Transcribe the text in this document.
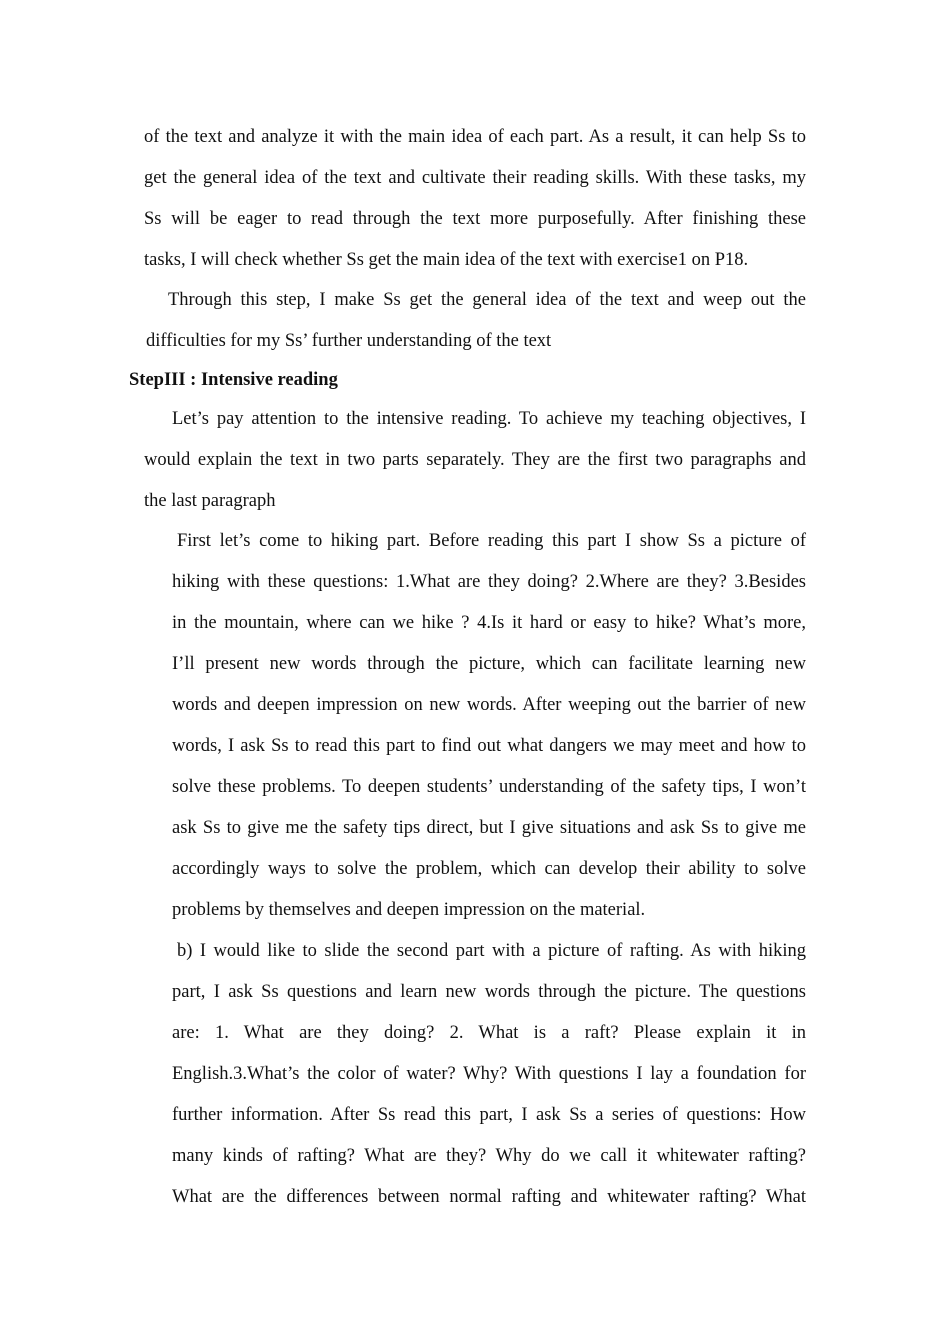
of the text and analyze it with the main idea of each part. As a result, it can help Ss to
get the general idea of the text and cultivate their reading skills. With these tasks, my
Ss will be eager to read through the text more purposefully. After finishing these
tasks, I will check whether Ss get the main idea of the text with exercise1 on P18.
Through this step, I make Ss get the general idea of the text and weep out the
difficulties for my Ss’ further understanding of the text
StepIII : Intensive reading
Let’s pay attention to the intensive reading. To achieve my teaching objectives, I
would explain the text in two parts separately. They are the first two paragraphs and
the last paragraph
First let’s come to hiking part. Before reading this part I show Ss a picture of
hiking with these questions: 1.What are they doing? 2.Where are they? 3.Besides
in the mountain, where can we hike ? 4.Is it hard or easy to hike? What’s more,
I’ll present new words through the picture, which can facilitate learning new
words and deepen impression on new words. After weeping out the barrier of new
words, I ask Ss to read this part to find out what dangers we may meet and how to
solve these problems. To deepen students’ understanding of the safety tips, I won’t
ask Ss to give me the safety tips direct, but I give situations and ask Ss to give me
accordingly ways to solve the problem, which can develop their ability to solve
problems by themselves and deepen impression on the material.
b) I would like to slide the second part with a picture of rafting. As with hiking
part, I ask Ss questions and learn new words through the picture. The questions
are: 1. What are they doing? 2. What is a raft? Please explain it in
English.3.What’s the color of water? Why? With questions I lay a foundation for
further information. After Ss read this part, I ask Ss a series of questions: How
many kinds of rafting? What are they? Why do we call it whitewater rafting?
What are the differences between normal rafting and whitewater rafting? What
